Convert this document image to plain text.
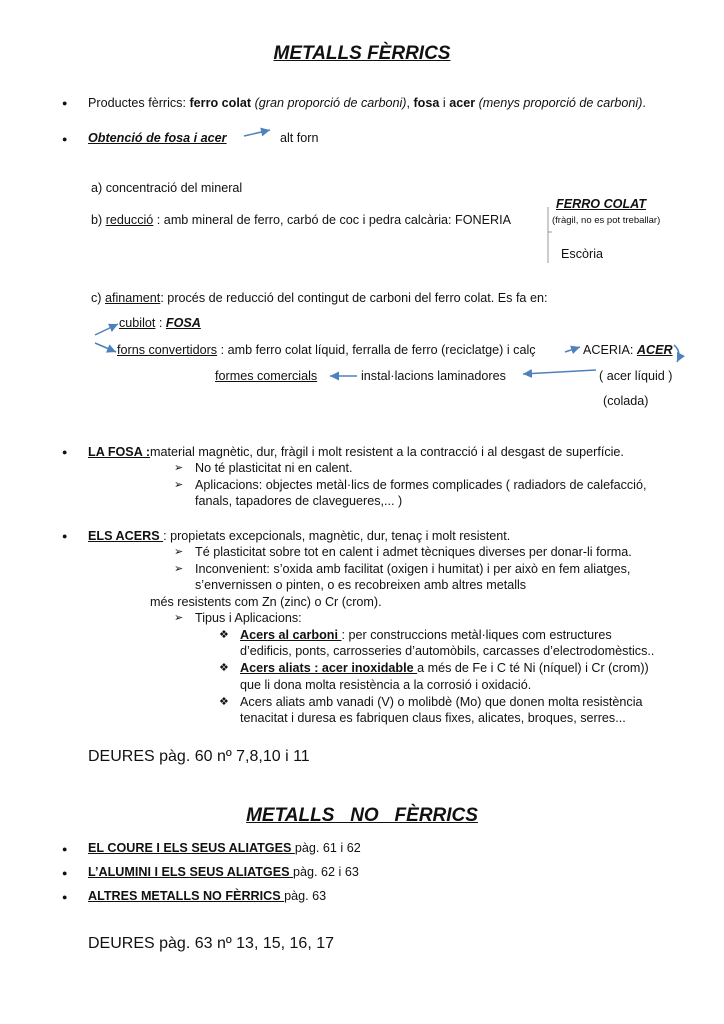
METALLS FÈRRICS
● Productes fèrrics: ferro colat (gran proporció de carboni), fosa i acer (menys proporció de carboni).
● Obtenció de fosa i acer	alt forn
a) concentració del mineral
FERRO COLAT
b) reducció : amb mineral de ferro, carbó de coc i pedra calcària: FONERIA	(fràgil, no es pot treballar)
Escòria
c) afinament: procés de reducció del contingut de carboni del ferro colat. Es fa en:
cubilot : FOSA
forns convertidors : amb ferro colat líquid, ferralla de ferro (reciclatge) i calç	ACERIA: ACER
formes comercials	instal·lacions laminadores	( acer líquid )
(colada)
● LA FOSA :material magnètic, dur, fràgil i molt resistent a la contracció i al desgast de superfície.
➢ No té plasticitat ni en calent.
➢ Aplicacions: objectes metàl·lics de formes complicades ( radiadors de calefacció,
fanals, tapadores de clavegueres,... )
● ELS ACERS : propietats excepcionals, magnètic, dur, tenaç i molt resistent.
➢ Té plasticitat sobre tot en calent i admet tècniques diverses per donar-li forma.
➢ Inconvenient: s’oxida amb facilitat (oxigen i humitat) i per això en fem aliatges,
s’envernissen o pinten, o es recobreixen amb altres metalls
més resistents com Zn (zinc) o Cr (crom).
➢ Tipus i Aplicacions:
❖ Acers al carboni : per construccions metàl·liques com estructures
d’edificis, ponts, carrosseries d’automòbils, carcasses d’electrodomèstics..
❖ Acers aliats : acer inoxidable a més de Fe i C té Ni (níquel) i Cr (crom))
que li dona molta resistència a la corrosió i oxidació.
❖ Acers aliats amb vanadi (V) o molibdè (Mo) que donen molta resistència
tenacitat i duresa es fabriquen claus fixes, alicates, broques, serres...
DEURES pàg. 60 nº 7,8,10 i 11
METALLS   NO   FÈRRICS
● EL COURE I ELS SEUS ALIATGES pàg. 61 i 62
● L’ALUMINI I ELS SEUS ALIATGES pàg. 62 i 63
● ALTRES METALLS NO FÈRRICS pàg. 63
DEURES pàg. 63 nº 13, 15, 16, 17
